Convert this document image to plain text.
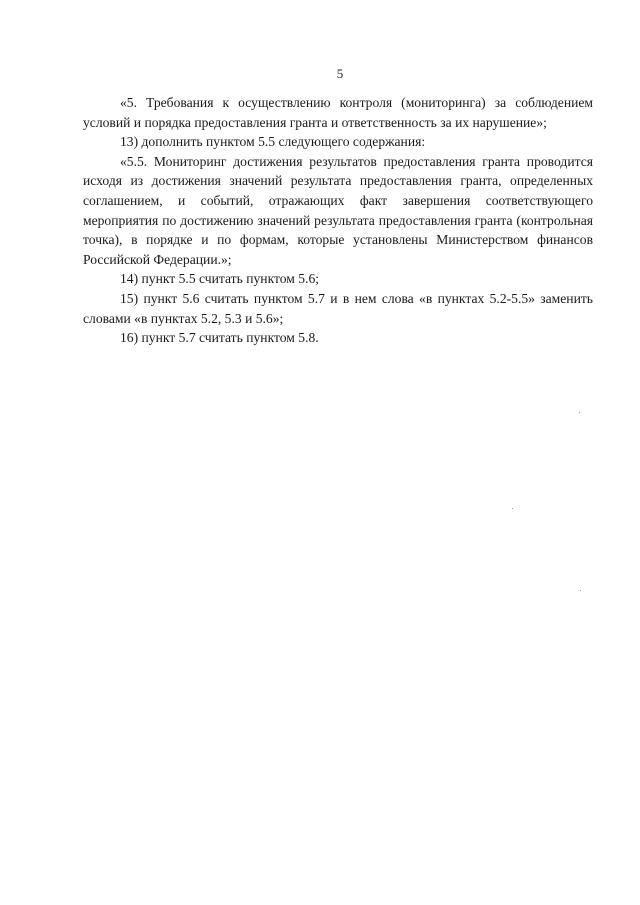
5

«5. Требования к осуществлению контроля (мониторинга) за соблюдением условий и порядка предоставления гранта и ответственность за их нарушение»;

13) дополнить пунктом 5.5 следующего содержания:

«5.5. Мониторинг достижения результатов предоставления гранта проводится исходя из достижения значений результата предоставления гранта, определенных соглашением, и событий, отражающих факт завершения соответствующего мероприятия по достижению значений результата предоставления гранта (контрольная точка), в порядке и по формам, которые установлены Министерством финансов Российской Федерации.»;

14) пункт 5.5 считать пунктом 5.6;

15) пункт 5.6 считать пунктом 5.7 и в нем слова «в пунктах 5.2-5.5» заменить словами «в пунктах 5.2, 5.3 и 5.6»;

16) пункт 5.7 считать пунктом 5.8.
